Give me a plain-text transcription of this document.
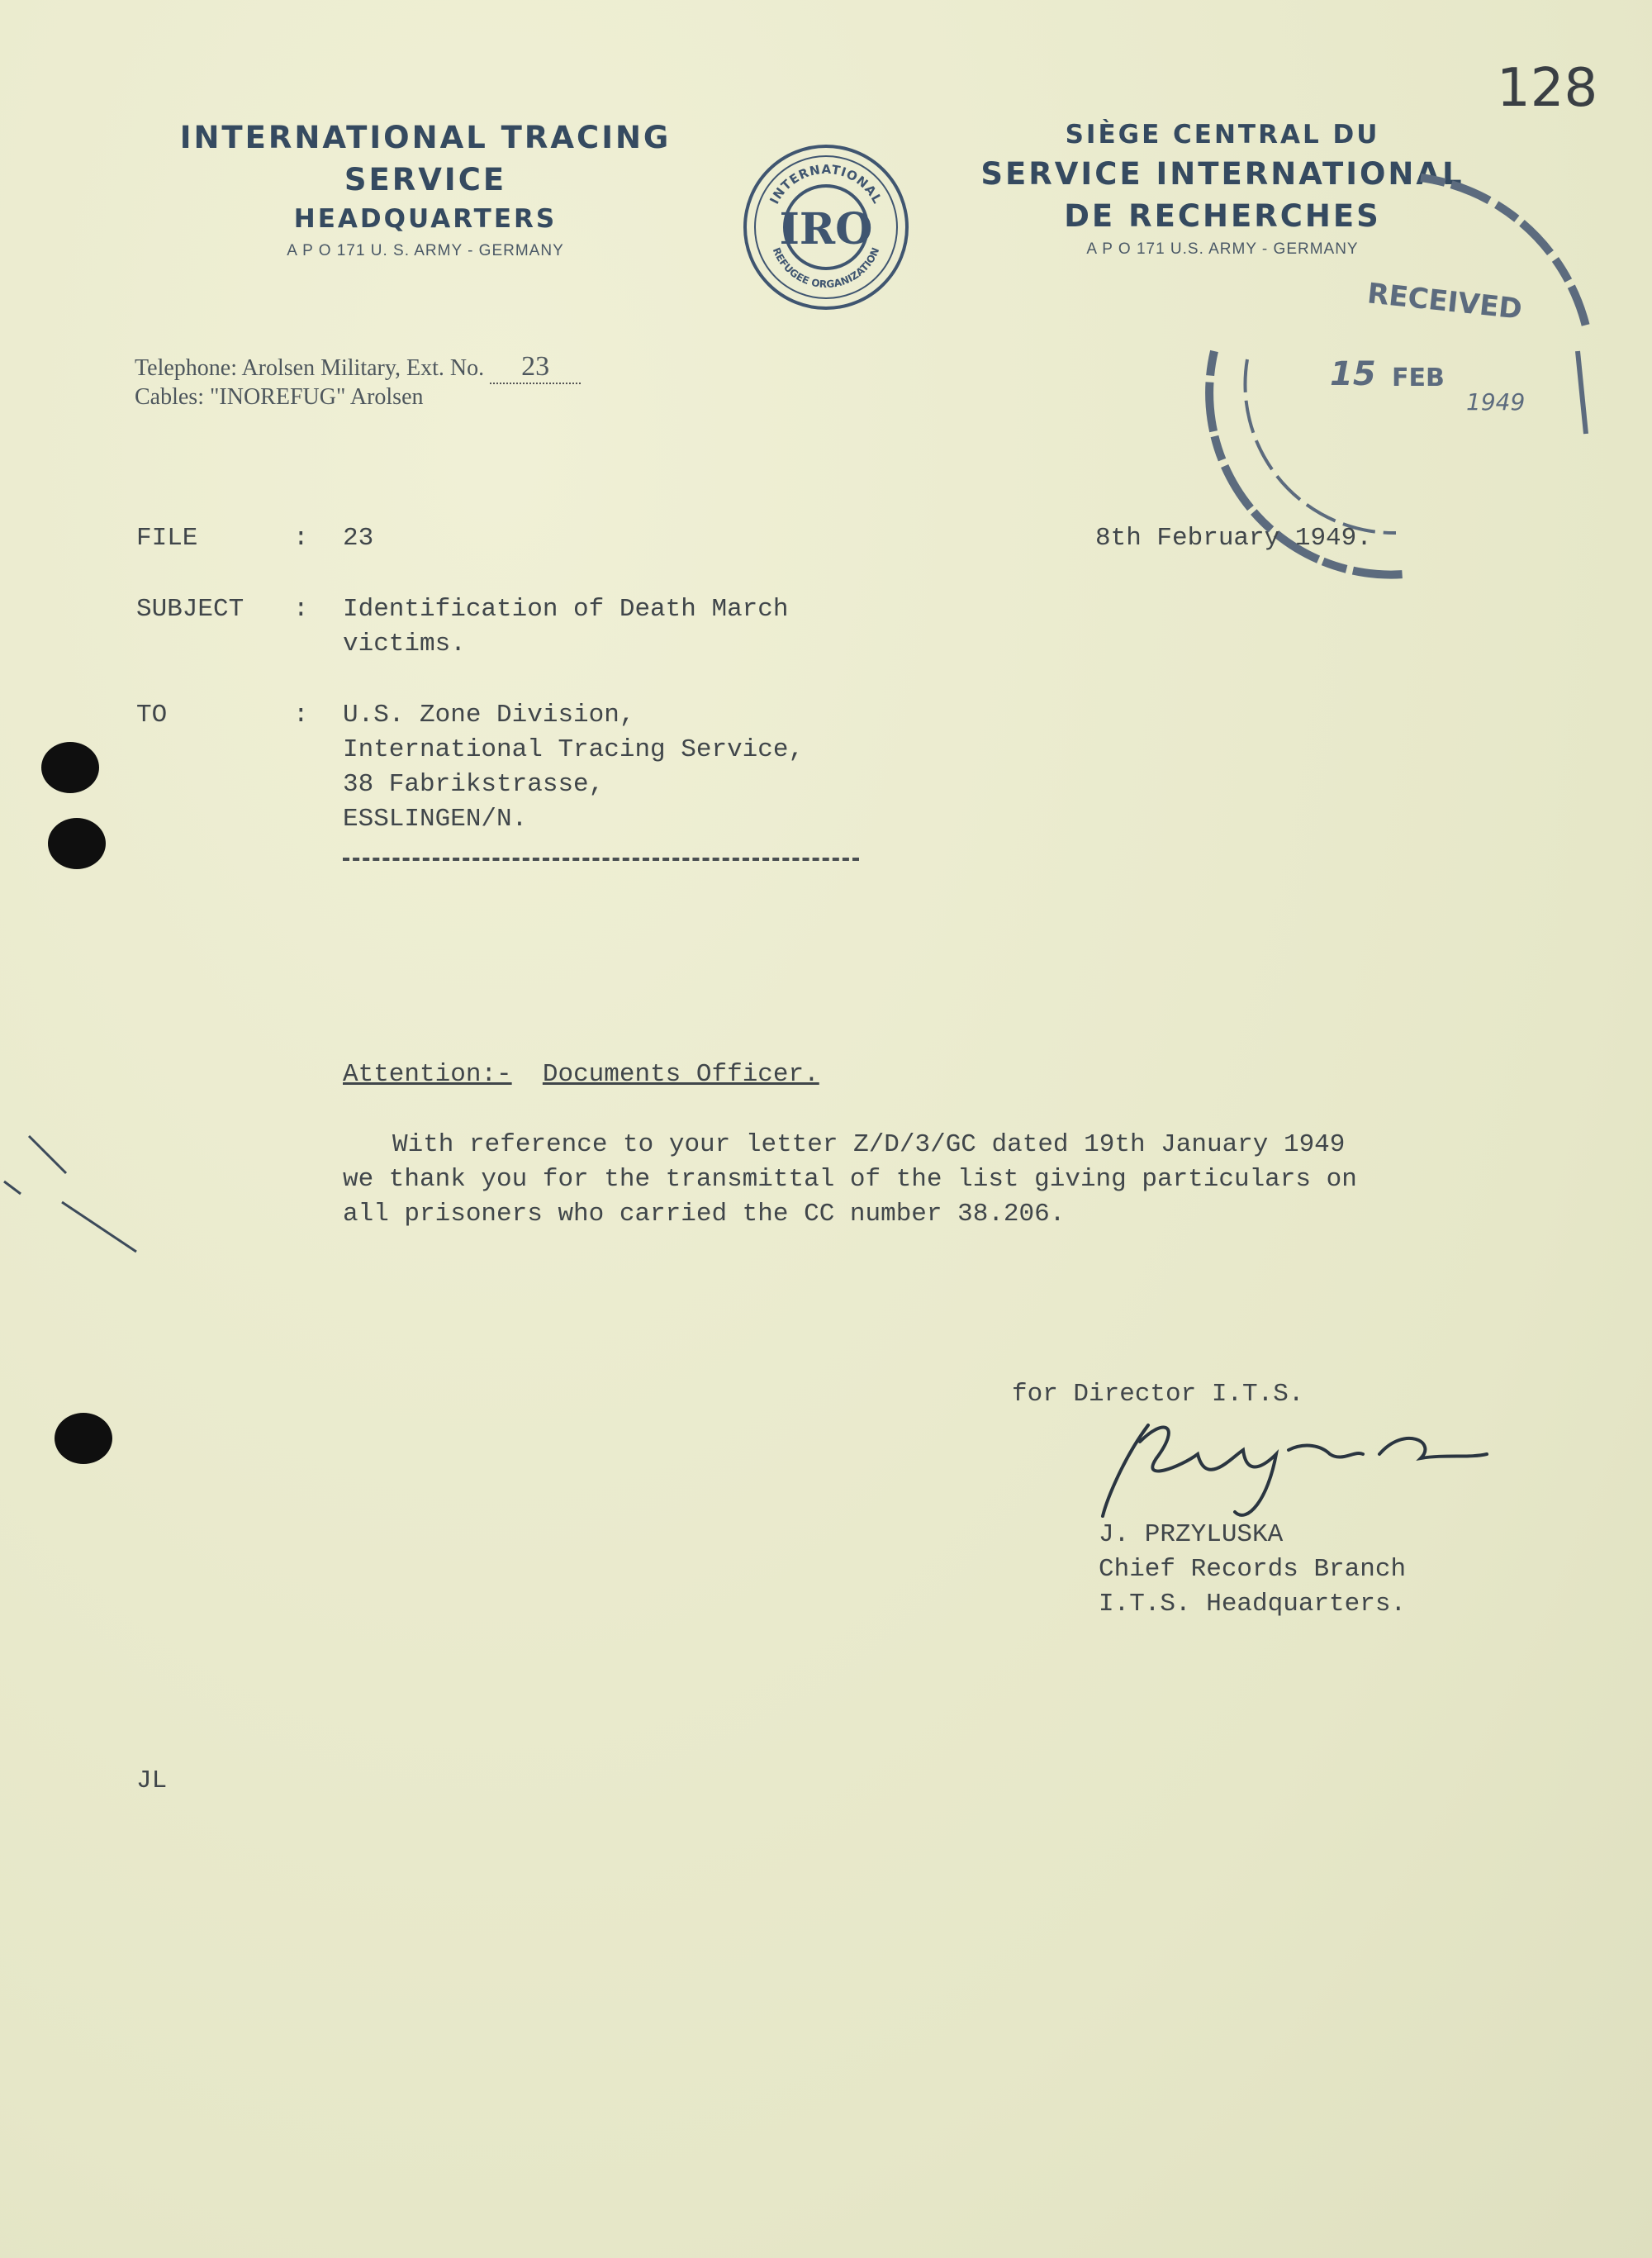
128
INTERNATIONAL TRACING
SERVICE
HEADQUARTERS
A P O 171 U. S. ARMY - GERMANY
INTERNATIONAL
REFUGEE ORGANIZATION
IRO
SIÈGE CENTRAL DU
SERVICE INTERNATIONAL
DE RECHERCHES
A P O 171 U.S. ARMY - GERMANY
Telephone: Arolsen Military, Ext. No. 23
Cables: "INOREFUG" Arolsen
RECEIVED
15 FEB
1949
8th February 1949.
FILE	: 23
SUBJECT : Identification of Death March
victims.
TO	: U.S. Zone Division,
International Tracing Service,
38 Fabrikstrasse,
ESSLINGEN/N.
Attention:- Documents Officer.
With reference to your letter Z/D/3/GC dated 19th January 1949
we thank you for the transmittal of the list giving particulars on
all prisoners who carried the CC number 38.206.
for Director I.T.S.
J. PRZYLUSKA
Chief Records Branch
I.T.S. Headquarters.
JL
